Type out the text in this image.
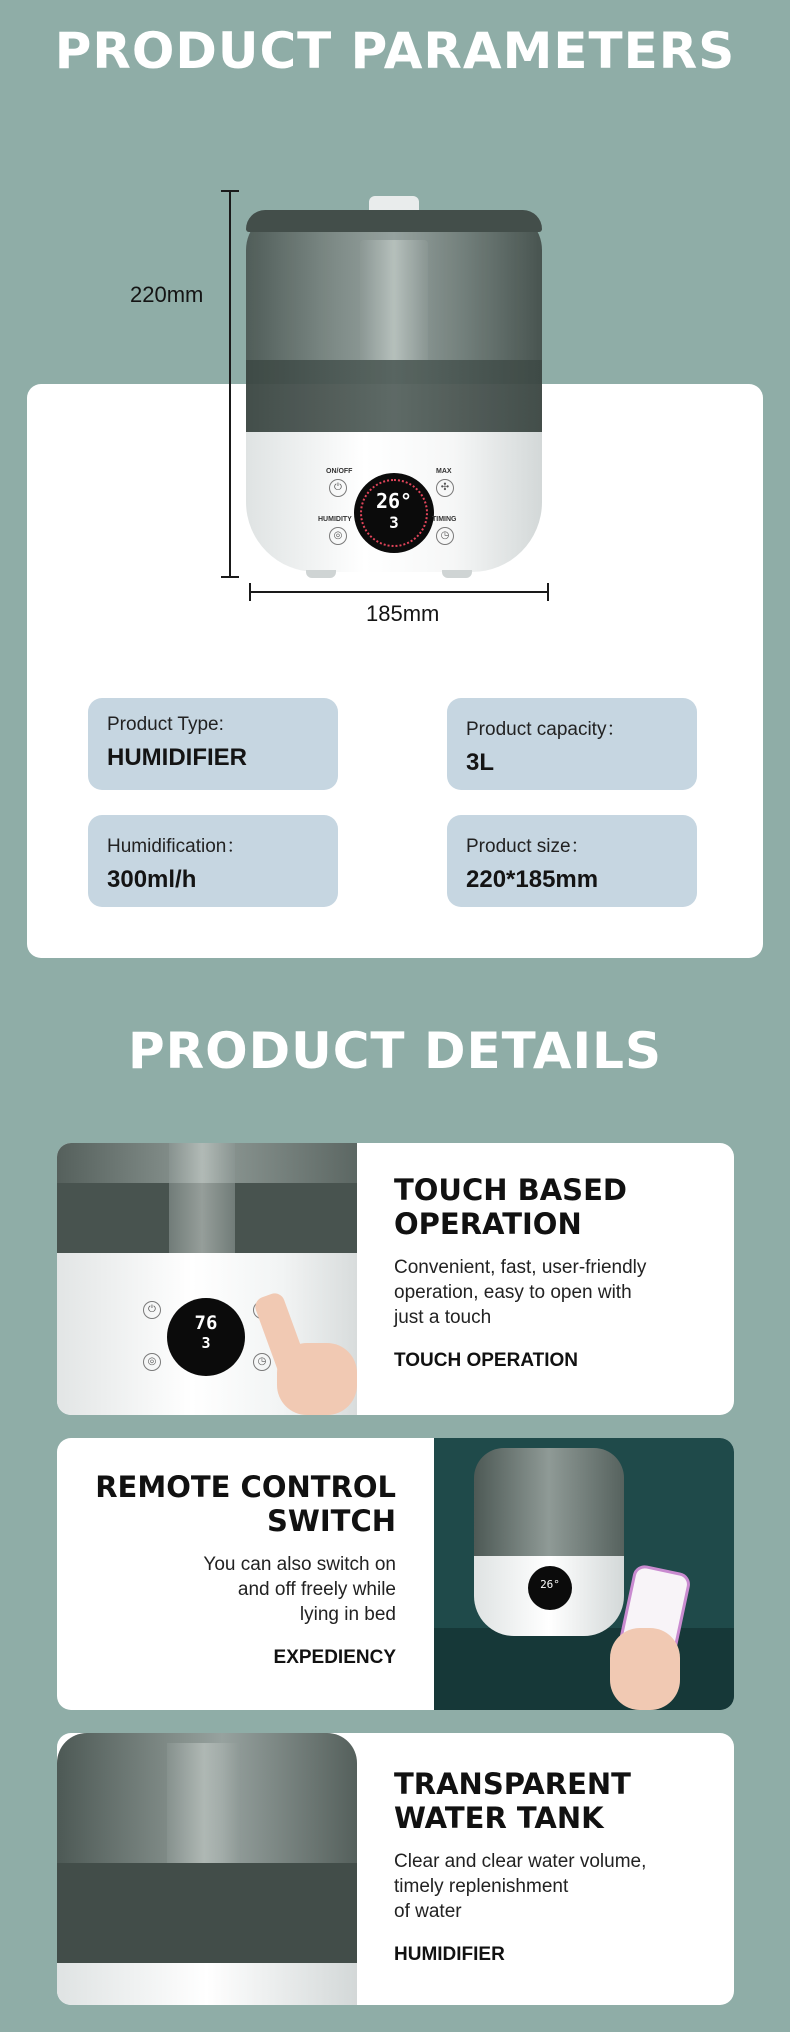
PRODUCT PARAMETERS
26°
3
ON/OFF
⏻
MAX
✣
HUMIDITY
◎
TIMING
◷
220mm
185mm
Product Type:
HUMIDIFIER
Product capacity：
3L
Humidification：
300ml/h
Product size：
220*185mm
PRODUCT DETAILS
76
3
⏻
◎	◷
TOUCH BASED
OPERATION
Convenient, fast, user-friendly
operation, easy to open with
just a touch
TOUCH OPERATION
REMOTE CONTROL
SWITCH
You can also switch on
and off freely while
lying in bed
EXPEDIENCY
26°
TRANSPARENT
WATER TANK
Clear and clear water volume,
timely replenishment
of water
HUMIDIFIER
